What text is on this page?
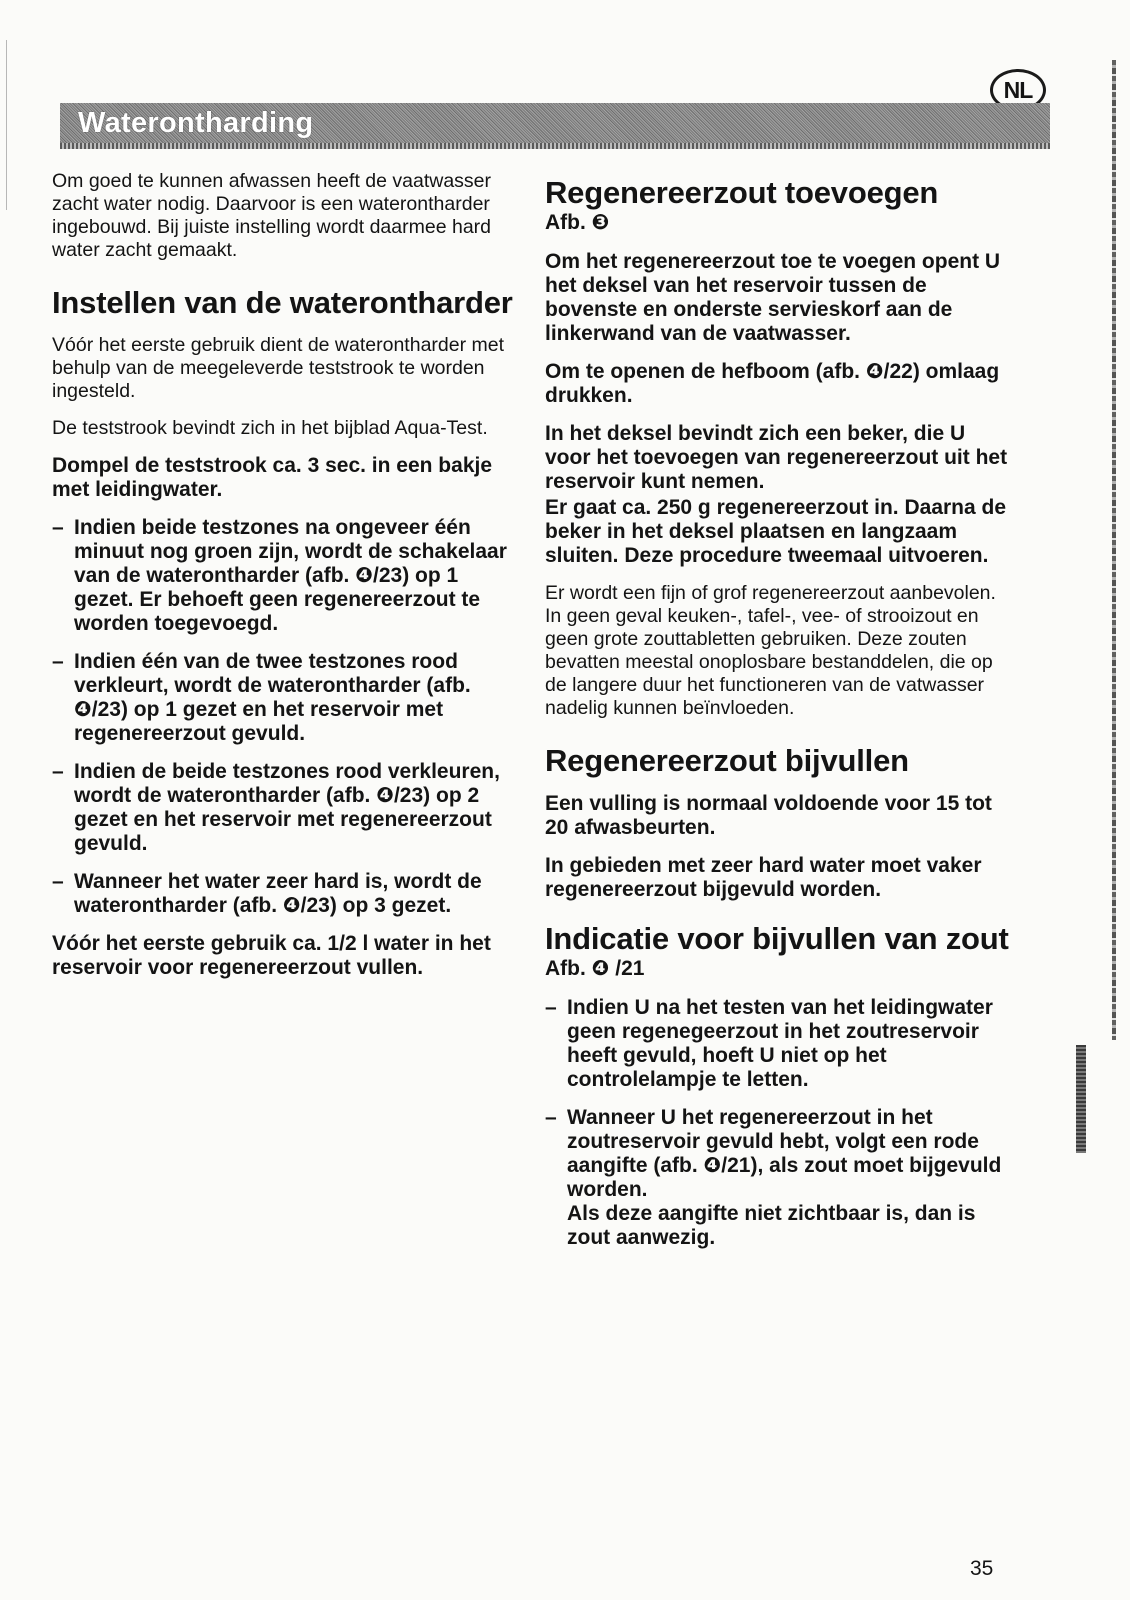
NL
Waterontharding

Om goed te kunnen afwassen heeft de vaatwasser zacht water nodig. Daarvoor is een waterontharder ingebouwd. Bij juiste instelling wordt daarmee hard water zacht gemaakt.

Instellen van de waterontharder

Vóór het eerste gebruik dient de waterontharder met behulp van de meegeleverde teststrook te worden ingesteld.

De teststrook bevindt zich in het bijblad Aqua-Test.

Dompel de teststrook ca. 3 sec. in een bakje met leidingwater.

– Indien beide testzones na ongeveer één minuut nog groen zijn, wordt de schakelaar van de waterontharder (afb. ❹/23) op 1 gezet. Er behoeft geen regenereerzout te worden toegevoegd.
– Indien één van de twee testzones rood verkleurt, wordt de waterontharder (afb. ❹/23) op 1 gezet en het reservoir met regenereerzout gevuld.
– Indien de beide testzones rood verkleuren, wordt de waterontharder (afb. ❹/23) op 2 gezet en het reservoir met regenereerzout gevuld.
– Wanneer het water zeer hard is, wordt de waterontharder (afb. ❹/23) op 3 gezet.

Vóór het eerste gebruik ca. 1/2 l water in het reservoir voor regenereerzout vullen.

Regenereerzout toevoegen

Afb. ❸

Om het regenereerzout toe te voegen opent U het deksel van het reservoir tussen de bovenste en onderste servieskorf aan de linkerwand van de vaatwasser.

Om te openen de hefboom (afb. ❹/22) omlaag drukken.

In het deksel bevindt zich een beker, die U voor het toevoegen van regenereerzout uit het reservoir kunt nemen.

Er gaat ca. 250 g regenereerzout in. Daarna de beker in het deksel plaatsen en langzaam sluiten. Deze procedure tweemaal uitvoeren.

Er wordt een fijn of grof regenereerzout aanbevolen. In geen geval keuken-, tafel-, vee- of strooizout en geen grote zouttabletten gebruiken. Deze zouten bevatten meestal onoplosbare bestanddelen, die op de langere duur het functioneren van de vatwasser nadelig kunnen beïnvloeden.

Regenereerzout bijvullen

Een vulling is normaal voldoende voor 15 tot 20 afwasbeurten.

In gebieden met zeer hard water moet vaker regenereerzout bijgevuld worden.

Indicatie voor bijvullen van zout

Afb. ❹ /21

– Indien U na het testen van het leidingwater geen regenegeerzout in het zoutreservoir heeft gevuld, hoeft U niet op het controlelampje te letten.
– Wanneer U het regenereerzout in het zoutreservoir gevuld hebt, volgt een rode aangifte (afb. ❹/21), als zout moet bijgevuld worden.
Als deze aangifte niet zichtbaar is, dan is zout aanwezig.
35
